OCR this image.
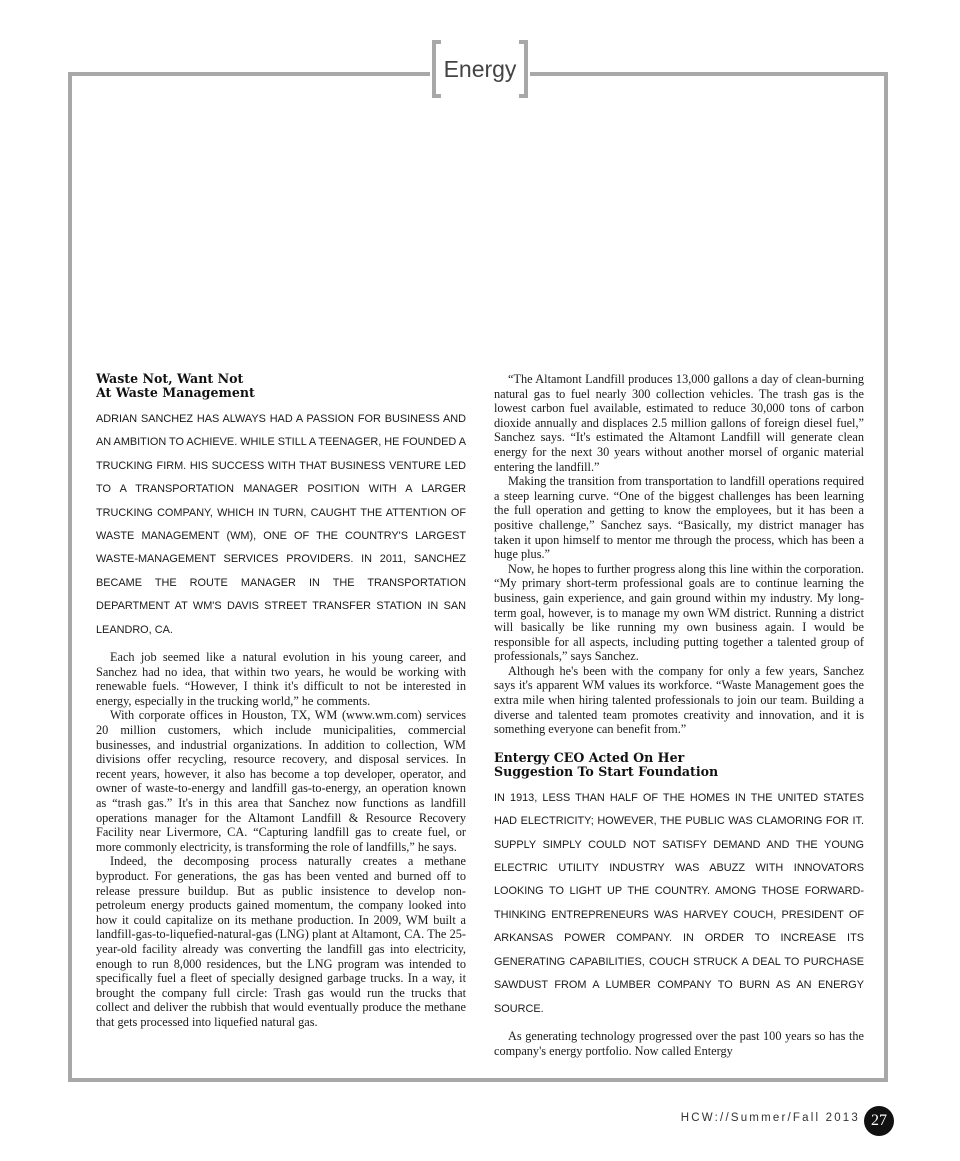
Energy
Waste Not, Want Not
At Waste Management

ADRIAN SANCHEZ HAS ALWAYS HAD A PASSION FOR BUSINESS AND AN AMBITION TO ACHIEVE. WHILE STILL A TEENAGER, HE FOUNDED A TRUCKING FIRM. HIS SUCCESS WITH THAT BUSINESS VENTURE LED TO A TRANSPORTATION MANAGER POSITION WITH A LARGER TRUCKING COMPANY, WHICH IN TURN, CAUGHT THE ATTENTION OF WASTE MANAGEMENT (WM), ONE OF THE COUNTRY'S LARGEST WASTE-MANAGEMENT SERVICES PROVIDERS. IN 2011, SANCHEZ BECAME THE ROUTE MANAGER IN THE TRANSPORTATION DEPARTMENT AT WM'S DAVIS STREET TRANSFER STATION IN SAN LEANDRO, CA.

Each job seemed like a natural evolution in his young career, and Sanchez had no idea, that within two years, he would be working with renewable fuels. “However, I think it's difficult to not be interested in energy, especially in the trucking world,” he comments.

With corporate offices in Houston, TX, WM (www.wm.com) services 20 million customers, which include municipalities, commercial businesses, and industrial organizations. In addition to collection, WM divisions offer recycling, resource recovery, and disposal services. In recent years, however, it also has become a top developer, operator, and owner of waste-to-energy and landfill gas-to-energy, an operation known as “trash gas.” It's in this area that Sanchez now functions as landfill operations manager for the Altamont Landfill & Resource Recovery Facility near Livermore, CA. “Capturing landfill gas to create fuel, or more commonly electricity, is transforming the role of landfills,” he says.

Indeed, the decomposing process naturally creates a methane byproduct. For generations, the gas has been vented and burned off to release pressure buildup. But as public insistence to develop non-petroleum energy products gained momentum, the company looked into how it could capitalize on its methane production. In 2009, WM built a landfill-gas-to-liquefied-natural-gas (LNG) plant at Altamont, CA. The 25-year-old facility already was converting the landfill gas into electricity, enough to run 8,000 residences, but the LNG program was intended to specifically fuel a fleet of specially designed garbage trucks. In a way, it brought the company full circle: Trash gas would run the trucks that collect and deliver the rubbish that would eventually produce the methane that gets processed into liquefied natural gas.

“The Altamont Landfill produces 13,000 gallons a day of clean-burning natural gas to fuel nearly 300 collection vehicles. The trash gas is the lowest carbon fuel available, estimated to reduce 30,000 tons of carbon dioxide annually and displaces 2.5 million gallons of foreign diesel fuel,” Sanchez says. “It's estimated the Altamont Landfill will generate clean energy for the next 30 years without another morsel of organic material entering the landfill.”

Making the transition from transportation to landfill operations required a steep learning curve. “One of the biggest challenges has been learning the full operation and getting to know the employees, but it has been a positive challenge,” Sanchez says. “Basically, my district manager has taken it upon himself to mentor me through the process, which has been a huge plus.”

Now, he hopes to further progress along this line within the corporation. “My primary short-term professional goals are to continue learning the business, gain experience, and gain ground within my industry. My long-term goal, however, is to manage my own WM district. Running a district will basically be like running my own business again. I would be responsible for all aspects, including putting together a talented group of professionals,” says Sanchez.

Although he's been with the company for only a few years, Sanchez says it's apparent WM values its workforce. “Waste Management goes the extra mile when hiring talented professionals to join our team. Building a diverse and talented team promotes creativity and innovation, and it is something everyone can benefit from.”

Entergy CEO Acted On Her
Suggestion To Start Foundation

IN 1913, LESS THAN HALF OF THE HOMES IN THE UNITED STATES HAD ELECTRICITY; HOWEVER, THE PUBLIC WAS CLAMORING FOR IT. SUPPLY SIMPLY COULD NOT SATISFY DEMAND AND THE YOUNG ELECTRIC UTILITY INDUSTRY WAS ABUZZ WITH INNOVATORS LOOKING TO LIGHT UP THE COUNTRY. AMONG THOSE FORWARD-THINKING ENTREPRENEURS WAS HARVEY COUCH, PRESIDENT OF ARKANSAS POWER COMPANY. IN ORDER TO INCREASE ITS GENERATING CAPABILITIES, COUCH STRUCK A DEAL TO PURCHASE SAWDUST FROM A LUMBER COMPANY TO BURN AS AN ENERGY SOURCE.

As generating technology progressed over the past 100 years so has the company's energy portfolio. Now called Entergy

HCW://Summer/Fall 2013 27
